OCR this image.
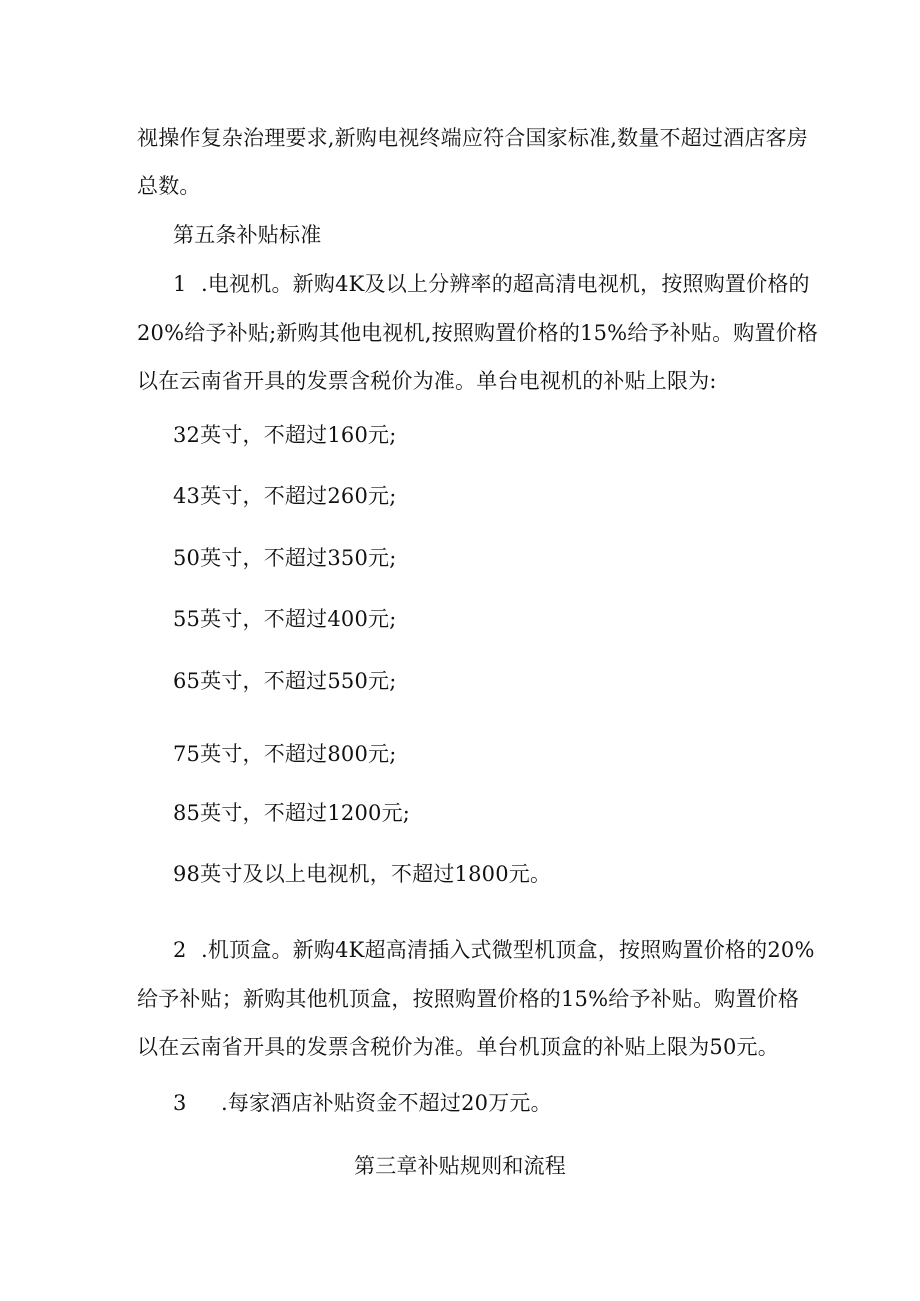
视操作复杂治理要求,新购电视终端应符合国家标准,数量不超过酒店客房
总数。
第五条补贴标准
1 .电视机。新购4K及以上分辨率的超高清电视机，按照购置价格的
20%给予补贴;新购其他电视机,按照购置价格的15%给予补贴。购置价格
以在云南省开具的发票含税价为准。单台电视机的补贴上限为:
32英寸，不超过160元;
43英寸，不超过260元;
50英寸，不超过350元;
55英寸，不超过400元;
65英寸，不超过550元;
75英寸，不超过800元;
85英寸，不超过1200元;
98英寸及以上电视机，不超过1800元。
2 .机顶盒。新购4K超高清插入式微型机顶盒，按照购置价格的20%
给予补贴；新购其他机顶盒，按照购置价格的15%给予补贴。购置价格
以在云南省开具的发票含税价为准。单台机顶盒的补贴上限为50元。
3 .每家酒店补贴资金不超过20万元。
第三章补贴规则和流程
